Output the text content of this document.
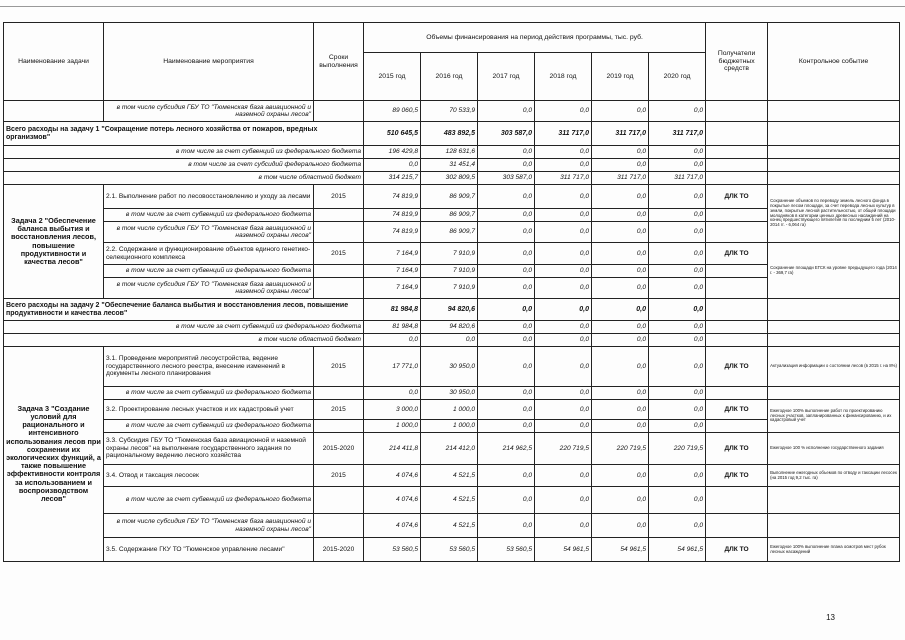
Наименование задачи	Наименование мероприятия	Сроки выполнения	Объемы финансирования на период действия программы, тыс. руб.						Получатели бюджетных средств	Контрольное событие
			2015 год	2016 год	2017 год	2018 год	2019 год	2020 год		
	в том числе субсидия ГБУ ТО "Тюменская база авиационной и наземной охраны лесов"		89 060,5	70 533,9	0,0	0,0	0,0	0,0		
Всего расходы на задачу 1 "Сокращение потерь лесного хозяйства от пожаров, вредных организмов"			510 645,5	483 892,5	303 587,0	311 717,0	311 717,0	311 717,0		
в том числе за счет субвенций из федерального бюджета			196 429,8	128 631,6	0,0	0,0	0,0	0,0		
в том числе за счет субсидий федерального бюджета			0,0	31 451,4	0,0	0,0	0,0	0,0		
в том числе областной бюджет			314 215,7	302 809,5	303 587,0	311 717,0	311 717,0	311 717,0		
Задача 2 "Обеспечение баланса выбытия и восстановления лесов, повышение продуктивности и качества лесов"	2.1. Выполнение работ по лесовосстановлению и уходу за лесами	2015	74 819,9	86 909,7	0,0	0,0	0,0	0,0	ДЛК ТО	Сохранение объемов по переводу земель лесного фонда в покрытые лесом площади, за счет перевода лесных культур в земли, покрытые лесной растительностью, от общей площади молодняков в категории ценных древесных насаждений на конец предшествующего пятилетия по последним 5 лет (2010-2014 гг. - 6,064 га)
	в том числе за счет субвенций из федерального бюджета		74 819,9	86 909,7	0,0	0,0	0,0	0,0		
	в том числе субсидия ГБУ ТО "Тюменская база авиационной и наземной охраны лесов"		74 819,9	86 909,7	0,0	0,0	0,0	0,0		
	2.2. Содержание и функционирование объектов единого генетико-селекционного комплекса	2015	7 164,9	7 910,9	0,0	0,0	0,0	0,0	ДЛК ТО	Сохранение площади ЕГСК на уровне предыдущего года (2014 г. - 369,7 га)
	в том числе за счет субвенций из федерального бюджета		7 164,9	7 910,9	0,0	0,0	0,0	0,0		
	в том числе субсидия ГБУ ТО "Тюменская база авиационной и наземной охраны лесов"		7 164,9	7 910,9	0,0	0,0	0,0	0,0		
Всего расходы на задачу 2 "Обеспечение баланса выбытия и восстановления лесов, повышение продуктивности и качества лесов"			81 984,8	94 820,6	0,0	0,0	0,0	0,0		
в том числе за счет субвенций из федерального бюджета			81 984,8	94 820,6	0,0	0,0	0,0	0,0		
в том числе областной бюджет			0,0	0,0	0,0	0,0	0,0	0,0		
Задача 3 "Создание условий для рационального и интенсивного использования лесов при сохранении их экологических функций, а также повышение эффективности контроля за использованием и воспроизводством лесов"	3.1. Проведение мероприятий лесоустройства, ведение государственного лесного реестра, внесение изменений в документы лесного планирования	2015	17 771,0	30 950,0	0,0	0,0	0,0	0,0	ДЛК ТО	Актуализация информации о состоянии лесов (в 2015 г. на 8%)
	в том числе за счет субвенций из федерального бюджета		0,0	30 950,0	0,0	0,0	0,0	0,0		
	3.2. Проектирование лесных участков и их кадастровый учет	2015	3 000,0	1 000,0	0,0	0,0	0,0	0,0	ДЛК ТО	Ежегодное 100% выполнение работ по проектированию лесных участков, запланированных к финансированию, и их кадастровый учет
	в том числе за счет субвенций из федерального бюджета		1 000,0	1 000,0	0,0	0,0	0,0	0,0		
	3.3. Субсидия ГБУ ТО "Тюменская база авиационной и наземной охраны лесов" на выполнение государственного задания по рациональному ведению лесного хозяйства	2015-2020	214 411,8	214 412,0	214 962,5	220 719,5	220 719,5	220 719,5	ДЛК ТО	Ежегодное 100 % исполнение государственного задания
	3.4. Отвод и таксация лесосек	2015	4 074,6	4 521,5	0,0	0,0	0,0	0,0	ДЛК ТО	Выполнение ежегодных объемов по отводу и таксации лесосек (на 2015 год 9,2 тыс. га)
	в том числе за счет субвенций из федерального бюджета		4 074,6	4 521,5	0,0	0,0	0,0	0,0		
	в том числе субсидия ГБУ ТО "Тюменская база авиационной и наземной охраны лесов"		4 074,6	4 521,5	0,0	0,0	0,0	0,0		
	3.5. Содержание ГКУ ТО "Тюменское управление лесами"	2015-2020	53 560,5	53 560,5	53 560,5	54 961,5	54 961,5	54 961,5	ДЛК ТО	Ежегодное 100% выполнение плана осмотров мест рубок лесных насаждений
13
